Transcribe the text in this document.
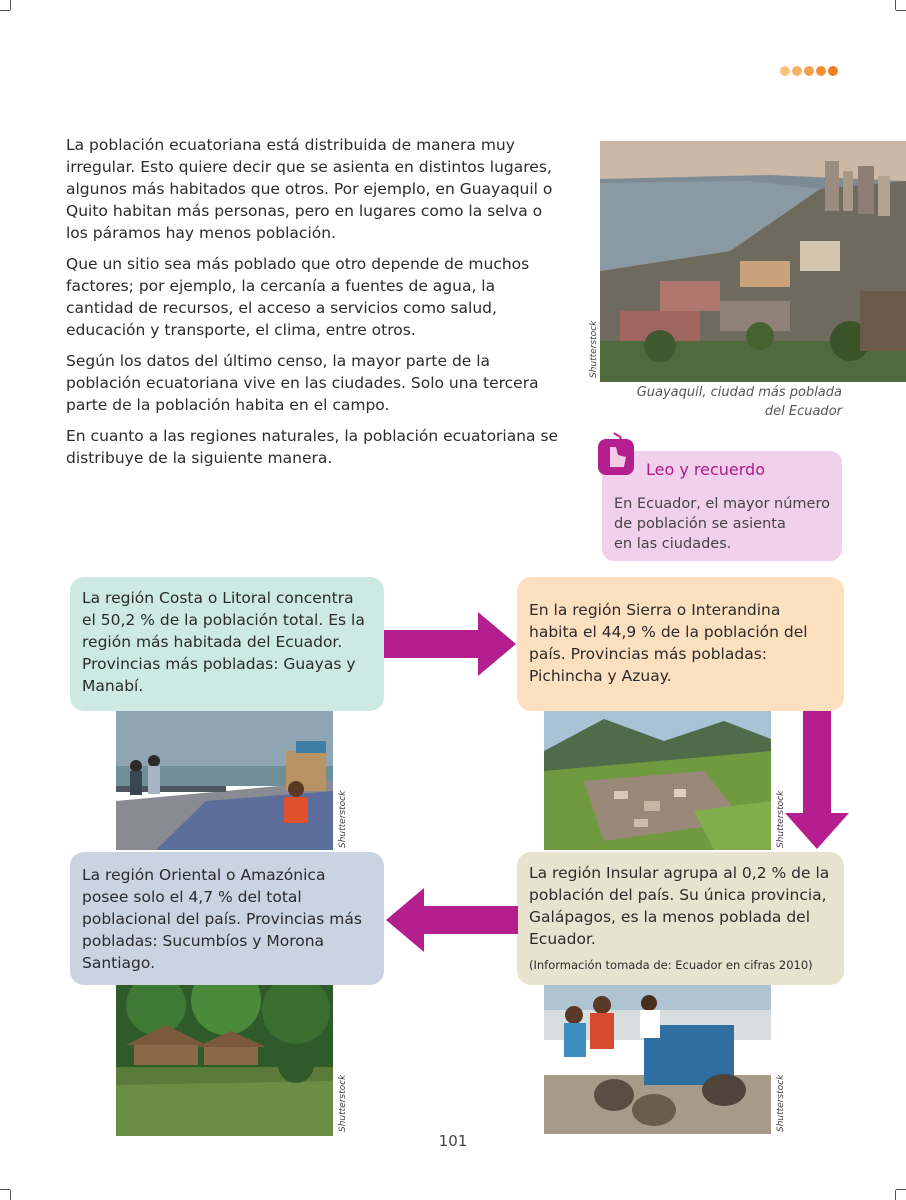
La población ecuatoriana está distribuida de manera muy irregular. Esto quiere decir que se asienta en distintos lugares, algunos más habitados que otros. Por ejemplo, en Guayaquil o Quito habitan más personas, pero en lugares como la selva o los páramos hay menos población.

Que un sitio sea más poblado que otro depende de muchos factores; por ejemplo, la cercanía a fuentes de agua, la cantidad de recursos, el acceso a servicios como salud, educación y transporte, el clima, entre otros.

Según los datos del último censo, la mayor parte de la población ecuatoriana vive en las ciudades. Solo una tercera parte de la población habita en el campo.

En cuanto a las regiones naturales, la población ecuatoriana se distribuye de la siguiente manera.

Shutterstock
Guayaquil, ciudad más poblada
del Ecuador
Leo y recuerdo
En Ecuador, el mayor número
de población se asienta
en las ciudades.
La región Costa o Litoral concentra el 50,2 % de la población total. Es la región más habitada del Ecuador. Provincias más pobladas: Guayas y Manabí.
En la región Sierra o Interandina habita el 44,9 % de la población del país. Provincias más pobladas: Pichincha y Azuay.
Shutterstock	Shutterstock
La región Oriental o Amazónica posee solo el 4,7 % del total poblacional del país. Provincias más pobladas: Sucumbíos y Morona Santiago.
La región Insular agrupa al 0,2 % de la población del país. Su única provincia, Galápagos, es la menos poblada del Ecuador.
(Información tomada de: Ecuador en cifras 2010)
Shutterstock	Shutterstock
101
